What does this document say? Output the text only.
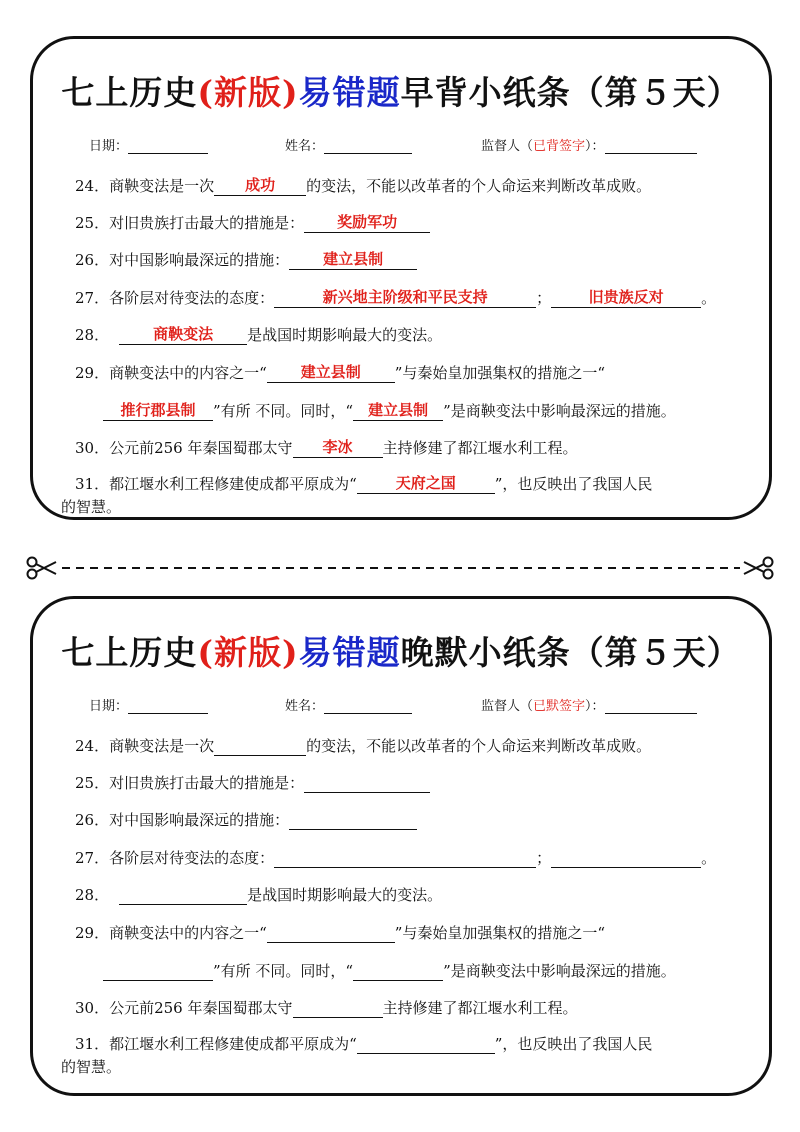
七上历史(新版)易错题早背小纸条（第５天）
日期：	姓名：	监督人（已背签字）：
24．商鞅变法是一次 成功 的变法，不能以改革者的个人命运来判断改革成败。
25．对旧贵族打击最大的措施是： 奖励军功
26．对中国影响最深远的措施： 建立县制
27．各阶层对待变法的态度：	新兴地主阶级和平民支持	； 旧贵族反对	。
28．	商鞅变法 是战国时期影响最大的变法。
29．商鞅变法中的内容之一“ 建立县制 ”与秦始皇加强集权的措施之一“
推行郡县制 ”有所 不同。同时，“ 建立县制 ”是商鞅变法中影响最深远的措施。
30．公元前256 年秦国蜀郡太守 李冰 主持修建了都江堰水利工程。
31．都江堰水利工程修建使成都平原成为“	天府之国	”，也反映出了我国人民
的智慧。
七上历史(新版)易错题晚默小纸条（第５天）
日期：	姓名：	监督人（已默签字）：
24．商鞅变法是一次	的变法，不能以改革者的个人命运来判断改革成败。
25．对旧贵族打击最大的措施是：
26．对中国影响最深远的措施：
27．各阶层对待变法的态度：	；	。
28．	是战国时期影响最大的变法。
29．商鞅变法中的内容之一“	”与秦始皇加强集权的措施之一“
”有所 不同。同时，“	”是商鞅变法中影响最深远的措施。
30．公元前256 年秦国蜀郡太守	主持修建了都江堰水利工程。
31．都江堰水利工程修建使成都平原成为“	”，也反映出了我国人民
的智慧。
